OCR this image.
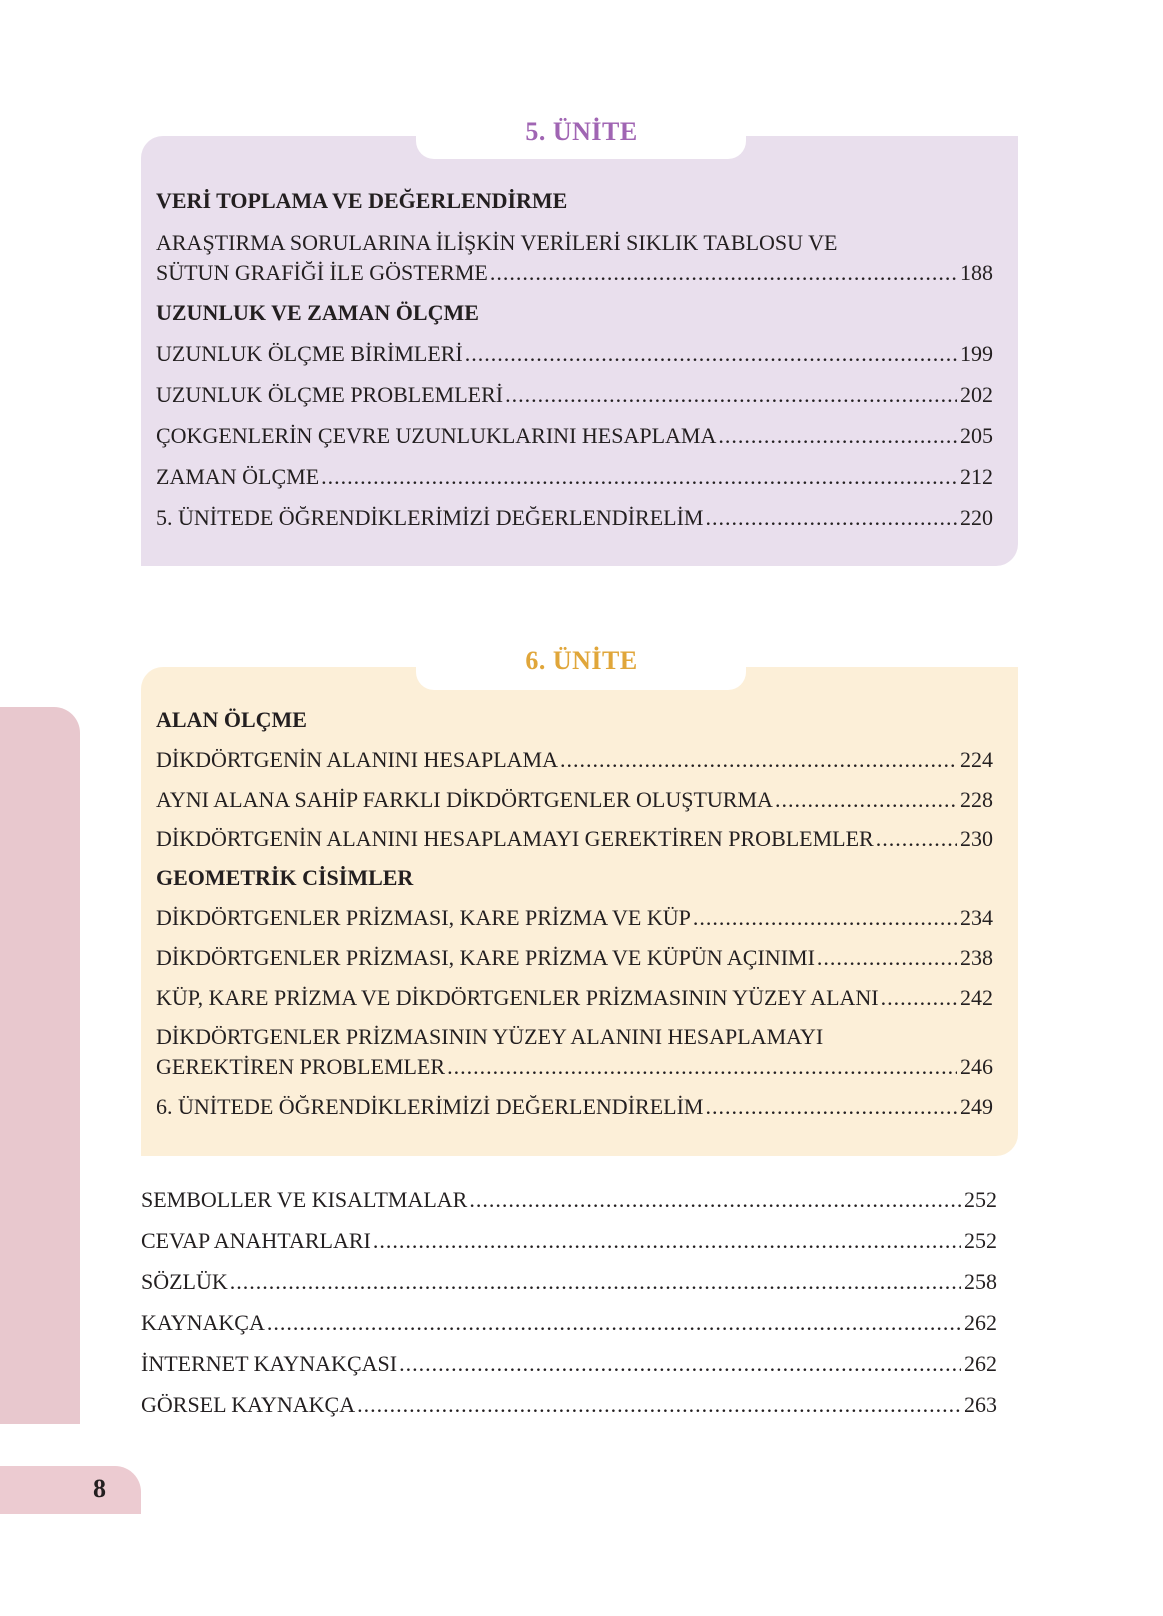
5. ÜNİTE
VERİ TOPLAMA VE DEĞERLENDİRME
ARAŞTIRMA SORULARINA İLİŞKİN VERİLERİ SIKLIK TABLOSU VE
SÜTUN GRAFİĞİ İLE GÖSTERME .....	188
UZUNLUK VE ZAMAN ÖLÇME
UZUNLUK ÖLÇME BİRİMLERİ .....	199
UZUNLUK ÖLÇME PROBLEMLERİ .....	202
ÇOKGENLERİN ÇEVRE UZUNLUKLARINI HESAPLAMA .....	205
ZAMAN ÖLÇME .....	212
5. ÜNİTEDE ÖĞRENDİKLERİMİZİ DEĞERLENDİRELİM .....	220
6. ÜNİTE
ALAN ÖLÇME
DİKDÖRTGENİN ALANINI HESAPLAMA .....	224
AYNI ALANA SAHİP FARKLI DİKDÖRTGENLER OLUŞTURMA .....	228
DİKDÖRTGENİN ALANINI HESAPLAMAYI GEREKTİREN PROBLEMLER .....	230
GEOMETRİK CİSİMLER
DİKDÖRTGENLER PRİZMASI, KARE PRİZMA VE KÜP .....	234
DİKDÖRTGENLER PRİZMASI, KARE PRİZMA VE KÜPÜN AÇINIMI .....	238
KÜP, KARE PRİZMA VE DİKDÖRTGENLER PRİZMASININ YÜZEY ALANI .....	242
DİKDÖRTGENLER PRİZMASININ YÜZEY ALANINI HESAPLAMAYI
GEREKTİREN PROBLEMLER .....	246
6. ÜNİTEDE ÖĞRENDİKLERİMİZİ DEĞERLENDİRELİM .....	249
SEMBOLLER VE KISALTMALAR .....	252
CEVAP ANAHTARLARI .....	252
SÖZLÜK .....	258
KAYNAKÇA .....	262
İNTERNET KAYNAKÇASI .....	262
GÖRSEL KAYNAKÇA .....	263
8
